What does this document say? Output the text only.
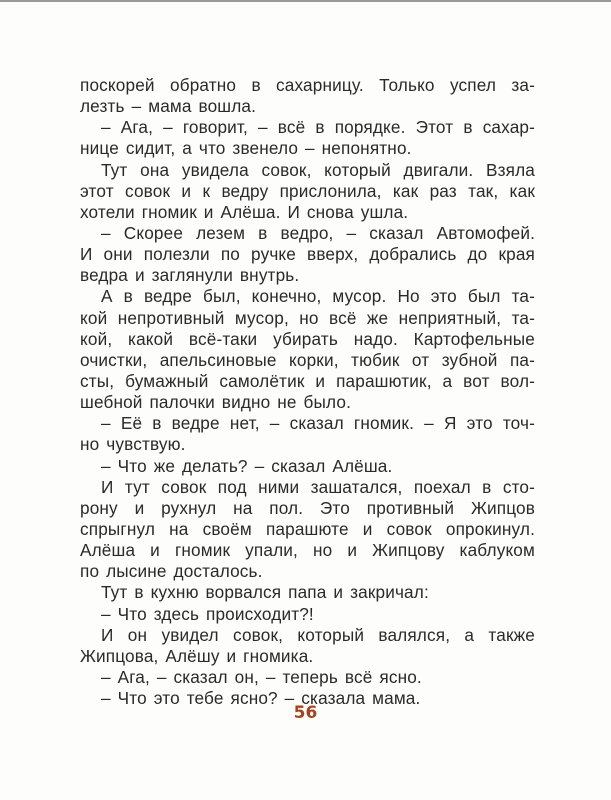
поскорей обратно в сахарницу. Только успел за-
лезть – мама вошла.
– Ага, – говорит, – всё в порядке. Этот в сахар-
нице сидит, а что звенело – непонятно.
Тут она увидела совок, который двигали. Взяла
этот совок и к ведру прислонила, как раз так, как
хотели гномик и Алёша. И снова ушла.
– Скорее лезем в ведро, – сказал Автомофей.
И они полезли по ручке вверх, добрались до края
ведра и заглянули внутрь.
А в ведре был, конечно, мусор. Но это был та-
кой непротивный мусор, но всё же неприятный, та-
кой, какой всё-таки убирать надо. Картофельные
очистки, апельсиновые корки, тюбик от зубной па-
сты, бумажный самолётик и парашютик, а вот вол-
шебной палочки видно не было.
– Её в ведре нет, – сказал гномик. – Я это точ-
но чувствую.
– Что же делать? – сказал Алёша.
И тут совок под ними зашатался, поехал в сто-
рону и рухнул на пол. Это противный Жипцов
спрыгнул на своём парашюте и совок опрокинул.
Алёша и гномик упали, но и Жипцову каблуком
по лысине досталось.
Тут в кухню ворвался папа и закричал:
– Что здесь происходит?!
И он увидел совок, который валялся, а также
Жипцова, Алёшу и гномика.
– Ага, – сказал он, – теперь всё ясно.
– Что это тебе ясно? – сказала мама.
56
